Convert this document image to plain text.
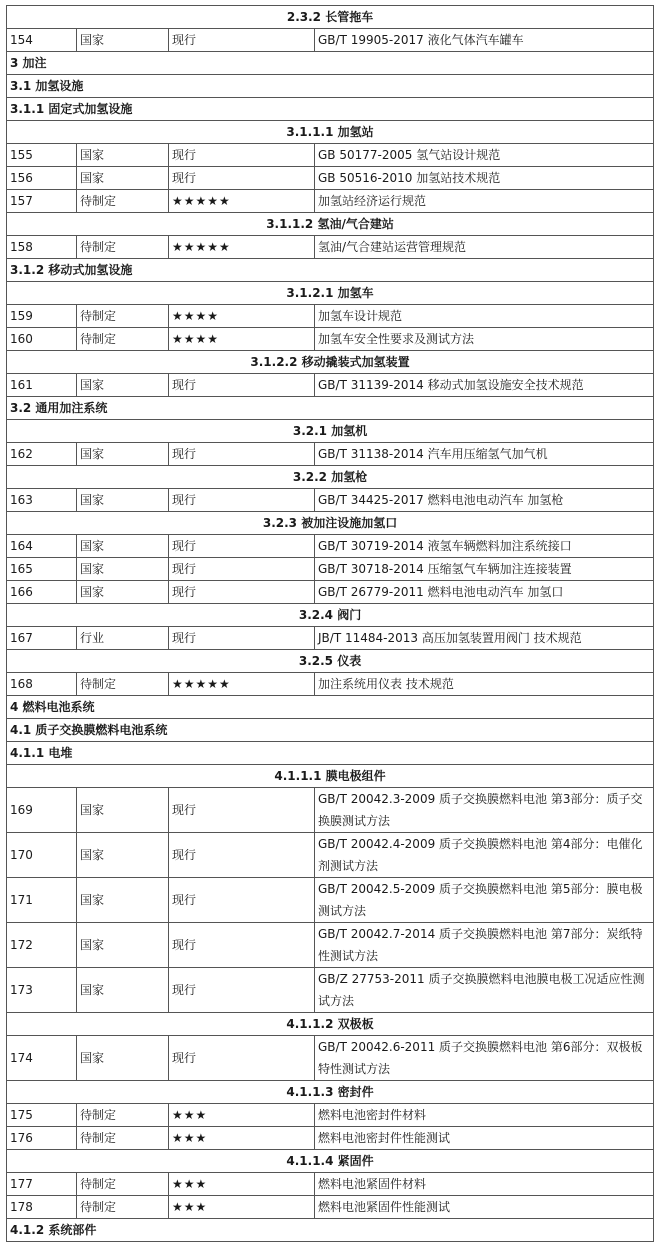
2.3.2 长管拖车			
154	国家	现行	GB/T 19905-2017 液化气体汽车罐车
3 加注			
3.1 加氢设施			
3.1.1 固定式加氢设施			
3.1.1.1 加氢站			
155	国家	现行	GB 50177-2005 氢气站设计规范
156	国家	现行	GB 50516-2010 加氢站技术规范
157	待制定	★★★★★	加氢站经济运行规范
3.1.1.2 氢油/气合建站			
158	待制定	★★★★★	氢油/气合建站运营管理规范
3.1.2 移动式加氢设施			
3.1.2.1 加氢车			
159	待制定	★★★★	加氢车设计规范
160	待制定	★★★★	加氢车安全性要求及测试方法
3.1.2.2 移动撬装式加氢装置			
161	国家	现行	GB/T 31139-2014 移动式加氢设施安全技术规范
3.2 通用加注系统			
3.2.1 加氢机			
162	国家	现行	GB/T 31138-2014 汽车用压缩氢气加气机
3.2.2 加氢枪			
163	国家	现行	GB/T 34425-2017 燃料电池电动汽车 加氢枪
3.2.3 被加注设施加氢口			
164	国家	现行	GB/T 30719-2014 液氢车辆燃料加注系统接口
165	国家	现行	GB/T 30718-2014 压缩氢气车辆加注连接装置
166	国家	现行	GB/T 26779-2011 燃料电池电动汽车 加氢口
3.2.4 阀门			
167	行业	现行	JB/T 11484-2013 高压加氢装置用阀门 技术规范
3.2.5 仪表			
168	待制定	★★★★★	加注系统用仪表 技术规范
4 燃料电池系统			
4.1 质子交换膜燃料电池系统			
4.1.1 电堆			
4.1.1.1 膜电极组件			
169	国家	现行	GB/T 20042.3-2009 质子交换膜燃料电池 第3部分：质子交换膜测试方法
170	国家	现行	GB/T 20042.4-2009 质子交换膜燃料电池 第4部分：电催化剂测试方法
171	国家	现行	GB/T 20042.5-2009 质子交换膜燃料电池 第5部分：膜电极测试方法
172	国家	现行	GB/T 20042.7-2014 质子交换膜燃料电池 第7部分：炭纸特性测试方法
173	国家	现行	GB/Z 27753-2011 质子交换膜燃料电池膜电极工况适应性测试方法
4.1.1.2 双极板			
174	国家	现行	GB/T 20042.6-2011 质子交换膜燃料电池 第6部分：双极板特性测试方法
4.1.1.3 密封件			
175	待制定	★★★	燃料电池密封件材料
176	待制定	★★★	燃料电池密封件性能测试
4.1.1.4 紧固件			
177	待制定	★★★	燃料电池紧固件材料
178	待制定	★★★	燃料电池紧固件性能测试
4.1.2 系统部件			
